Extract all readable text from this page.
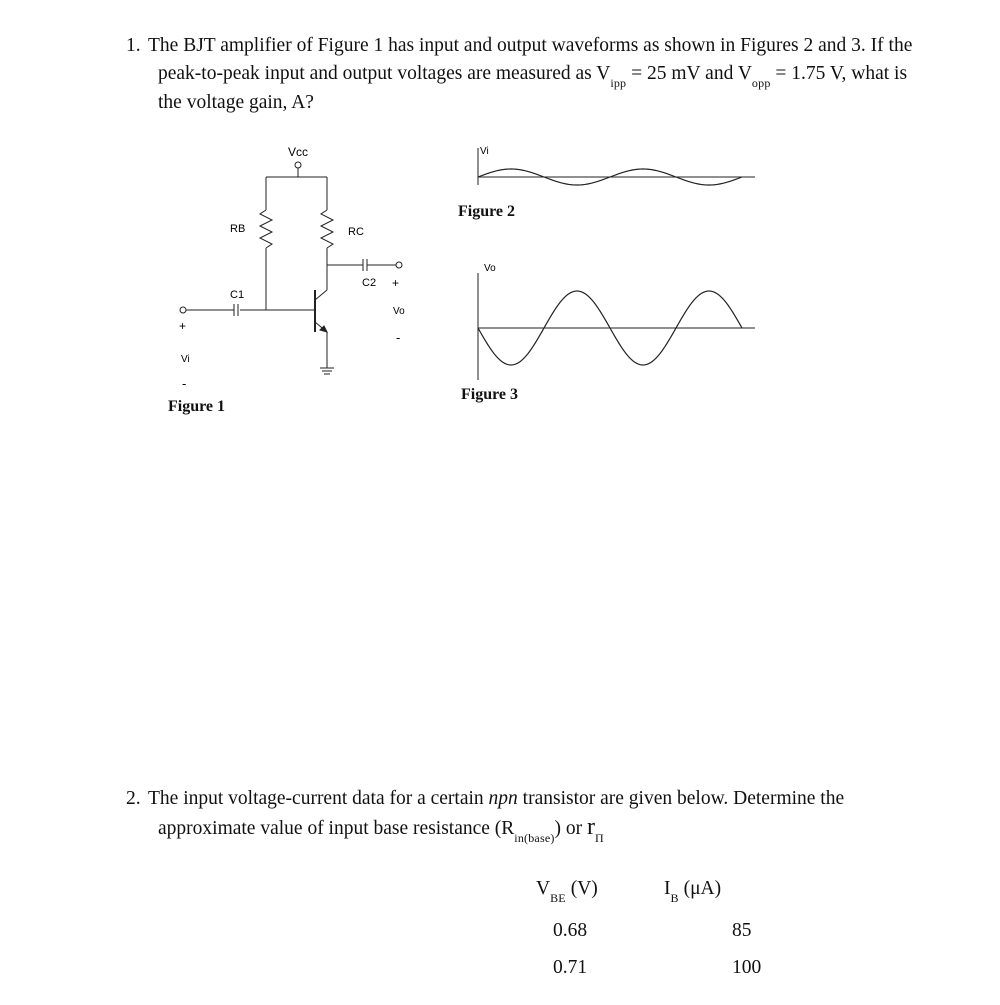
1. The BJT amplifier of Figure 1 has input and output waveforms as shown in Figures 2 and 3. If the
peak-to-peak input and output voltages are measured as $V_{ipp} = 25$ mV and $V_{opp} = 1.75$ V, what is
the voltage gain, A?
Vcc
RB	RC
C1
C2 +
Vo
-
+
Vi
-
Figure 1
Vi
Figure 2
Vo
Figure 3
2. The input voltage-current data for a certain npn transistor are given below. Determine the
approximate value of input base resistance $(R_{in(base)})$ or $r_\Pi$
$V_{BE}$ (V)	$I_B$ (μA)
0.68	85
0.71	100
